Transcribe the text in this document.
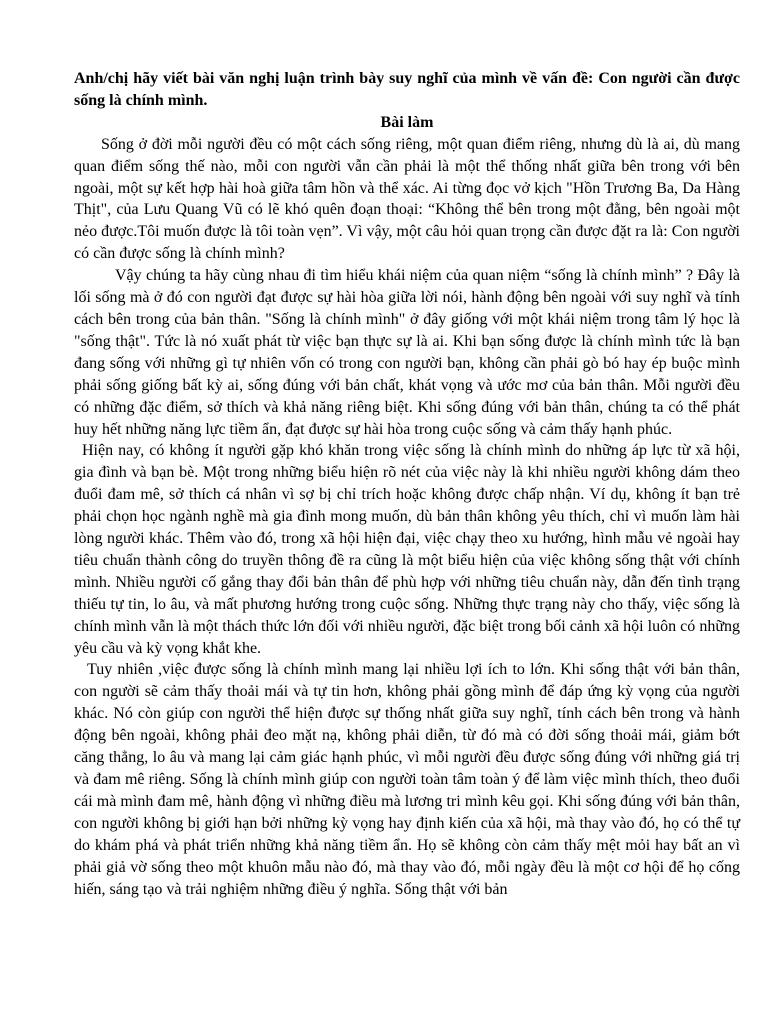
Anh/chị hãy viết bài văn nghị luận trình bày suy nghĩ của mình về vấn đề: Con người cần được sống là chính mình.

Bài làm

Sống ở đời mỗi người đều có một cách sống riêng, một quan điểm riêng, nhưng dù là ai, dù mang quan điểm sống thế nào, mỗi con người vẫn cần phải là một thể thống nhất giữa bên trong với bên ngoài, một sự kết hợp hài hoà giữa tâm hồn và thể xác. Ai từng đọc vở kịch "Hồn Trương Ba, Da Hàng Thịt", của Lưu Quang Vũ có lẽ khó quên đoạn thoại: “Không thể bên trong một đằng, bên ngoài một nẻo được.Tôi muốn được là tôi toàn vẹn”. Vì vậy, một câu hỏi quan trọng cần được đặt ra là: Con người có cần được sống là chính mình?

Vậy chúng ta hãy cùng nhau đi tìm hiểu khái niệm của quan niệm “sống là chính mình” ? Đây là lối sống mà ở đó con người đạt được sự hài hòa giữa lời nói, hành động bên ngoài với suy nghĩ và tính cách bên trong của bản thân. "Sống là chính mình" ở đây giống với một khái niệm trong tâm lý học là "sống thật". Tức là nó xuất phát từ việc bạn thực sự là ai. Khi bạn sống được là chính mình tức là bạn đang sống với những gì tự nhiên vốn có trong con người bạn, không cần phải gò bó hay ép buộc mình phải sống giống bất kỳ ai, sống đúng với bản chất, khát vọng và ước mơ của bản thân. Mỗi người đều có những đặc điểm, sở thích và khả năng riêng biệt. Khi sống đúng với bản thân, chúng ta có thể phát huy hết những năng lực tiềm ẩn, đạt được sự hài hòa trong cuộc sống và cảm thấy hạnh phúc.

Hiện nay, có không ít người gặp khó khăn trong việc sống là chính mình do những áp lực từ xã hội, gia đình và bạn bè. Một trong những biểu hiện rõ nét của việc này là khi nhiều người không dám theo đuổi đam mê, sở thích cá nhân vì sợ bị chỉ trích hoặc không được chấp nhận. Ví dụ, không ít bạn trẻ phải chọn học ngành nghề mà gia đình mong muốn, dù bản thân không yêu thích, chỉ vì muốn làm hài lòng người khác. Thêm vào đó, trong xã hội hiện đại, việc chạy theo xu hướng, hình mẫu vẻ ngoài hay tiêu chuẩn thành công do truyền thông đề ra cũng là một biểu hiện của việc không sống thật với chính mình. Nhiều người cố gắng thay đổi bản thân để phù hợp với những tiêu chuẩn này, dẫn đến tình trạng thiếu tự tin, lo âu, và mất phương hướng trong cuộc sống. Những thực trạng này cho thấy, việc sống là chính mình vẫn là một thách thức lớn đối với nhiều người, đặc biệt trong bối cảnh xã hội luôn có những yêu cầu và kỳ vọng khắt khe.

Tuy nhiên ,việc được sống là chính mình mang lại nhiều lợi ích to lớn. Khi sống thật với bản thân, con người sẽ cảm thấy thoải mái và tự tin hơn, không phải gồng mình để đáp ứng kỳ vọng của người khác. Nó còn giúp con người thể hiện được sự thống nhất giữa suy nghĩ, tính cách bên trong và hành động bên ngoài, không phải đeo mặt nạ, không phải diễn, từ đó mà có đời sống thoải mái, giảm bớt căng thẳng, lo âu và mang lại cảm giác hạnh phúc, vì mỗi người đều được sống đúng với những giá trị và đam mê riêng. Sống là chính mình giúp con người toàn tâm toàn ý để làm việc mình thích, theo đuổi cái mà mình đam mê, hành động vì những điều mà lương tri mình kêu gọi. Khi sống đúng với bản thân, con người không bị giới hạn bởi những kỳ vọng hay định kiến của xã hội, mà thay vào đó, họ có thể tự do khám phá và phát triển những khả năng tiềm ẩn. Họ sẽ không còn cảm thấy mệt mỏi hay bất an vì phải giả vờ sống theo một khuôn mẫu nào đó, mà thay vào đó, mỗi ngày đều là một cơ hội để họ cống hiến, sáng tạo và trải nghiệm những điều ý nghĩa. Sống thật với bản
